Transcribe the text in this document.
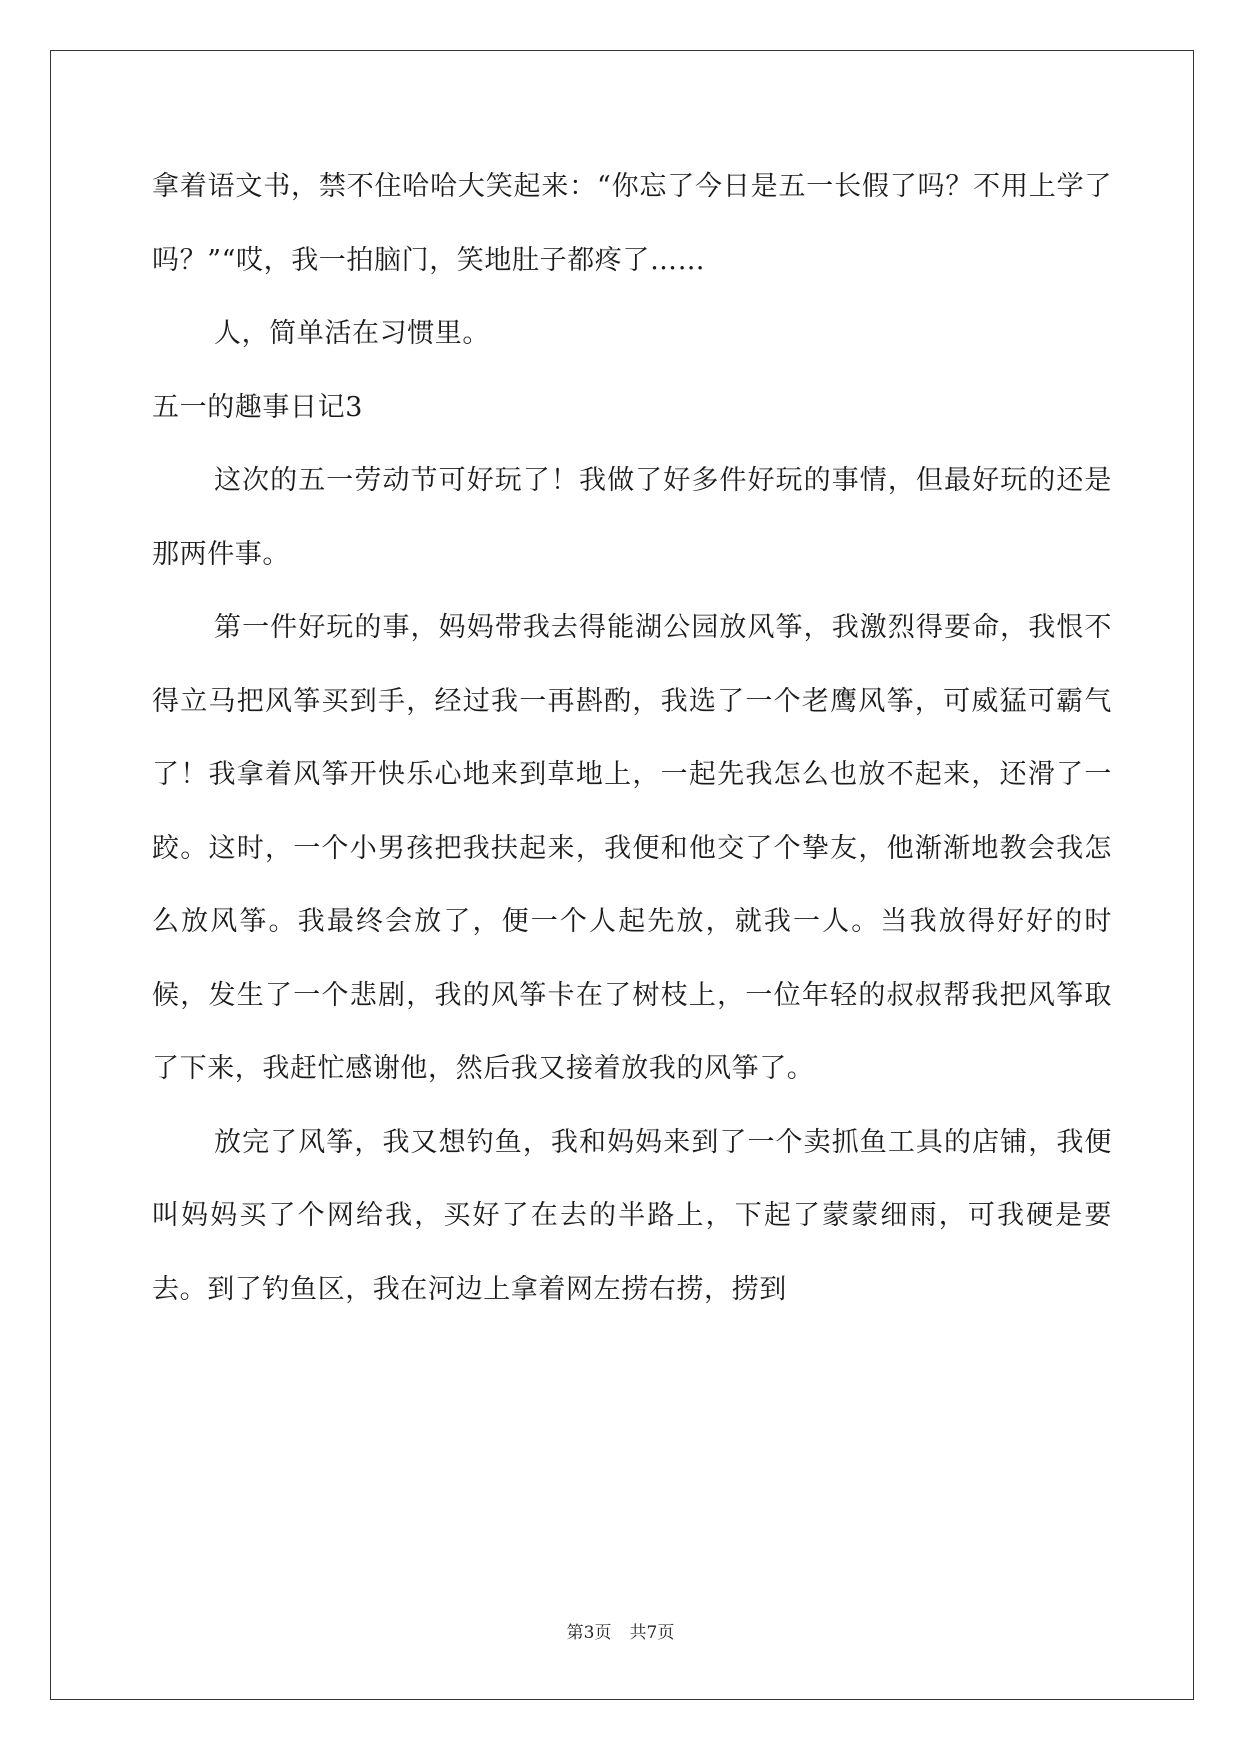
拿着语文书，禁不住哈哈大笑起来：“你忘了今日是五一长假了吗？不用上学了吗？”“哎，我一拍脑门，笑地肚子都疼了……

人，简单活在习惯里。

五一的趣事日记3

这次的五一劳动节可好玩了！我做了好多件好玩的事情，但最好玩的还是那两件事。

第一件好玩的事，妈妈带我去得能湖公园放风筝，我激烈得要命，我恨不得立马把风筝买到手，经过我一再斟酌，我选了一个老鹰风筝，可威猛可霸气了！我拿着风筝开快乐心地来到草地上，一起先我怎么也放不起来，还滑了一跤。这时，一个小男孩把我扶起来，我便和他交了个挚友，他渐渐地教会我怎么放风筝。我最终会放了，便一个人起先放，就我一人。当我放得好好的时候，发生了一个悲剧，我的风筝卡在了树枝上，一位年轻的叔叔帮我把风筝取了下来，我赶忙感谢他，然后我又接着放我的风筝了。

放完了风筝，我又想钓鱼，我和妈妈来到了一个卖抓鱼工具的店铺，我便叫妈妈买了个网给我，买好了在去的半路上，下起了蒙蒙细雨，可我硬是要去。到了钓鱼区，我在河边上拿着网左捞右捞，捞到

第3页 共7页
